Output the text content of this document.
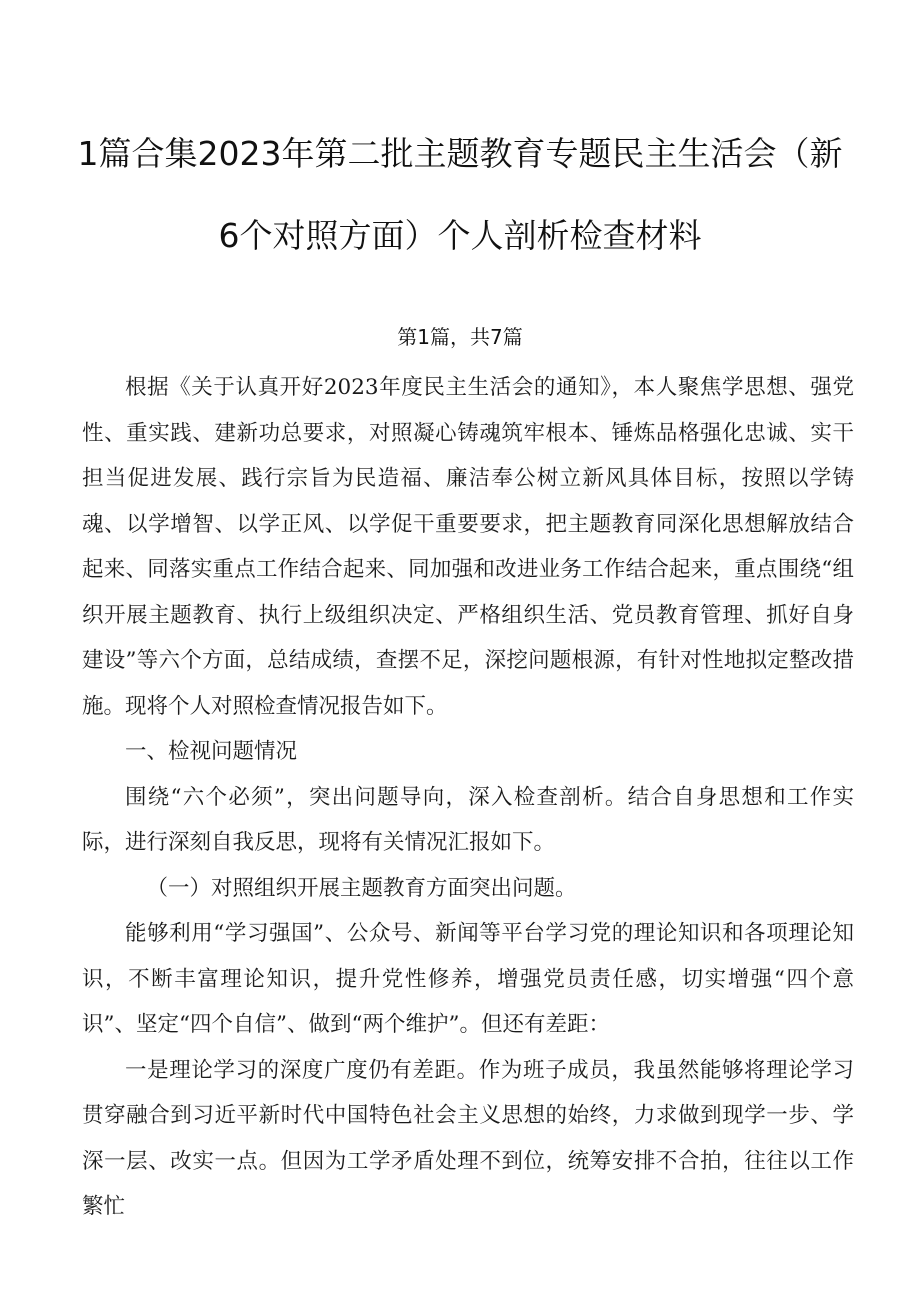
1篇合集2023年第二批主题教育专题民主生活会（新
6个对照方面）个人剖析检查材料
第1篇，共7篇

根据《关于认真开好2023年度民主生活会的通知》，本人聚焦学思想、强党性、重实践、建新功总要求，对照凝心铸魂筑牢根本、锤炼品格强化忠诚、实干担当促进发展、践行宗旨为民造福、廉洁奉公树立新风具体目标，按照以学铸魂、以学增智、以学正风、以学促干重要要求，把主题教育同深化思想解放结合起来、同落实重点工作结合起来、同加强和改进业务工作结合起来，重点围绕“组织开展主题教育、执行上级组织决定、严格组织生活、党员教育管理、抓好自身建设”等六个方面，总结成绩，查摆不足，深挖问题根源，有针对性地拟定整改措施。现将个人对照检查情况报告如下。

一、检视问题情况

围绕“六个必须”，突出问题导向，深入检查剖析。结合自身思想和工作实际，进行深刻自我反思，现将有关情况汇报如下。

（一）对照组织开展主题教育方面突出问题。

能够利用“学习强国”、公众号、新闻等平台学习党的理论知识和各项理论知识，不断丰富理论知识，提升党性修养，增强党员责任感，切实增强“四个意识”、坚定“四个自信”、做到“两个维护”。但还有差距：

一是理论学习的深度广度仍有差距。作为班子成员，我虽然能够将理论学习贯穿融合到习近平新时代中国特色社会主义思想的始终，力求做到现学一步、学深一层、改实一点。但因为工学矛盾处理不到位，统筹安排不合拍，往往以工作繁忙
